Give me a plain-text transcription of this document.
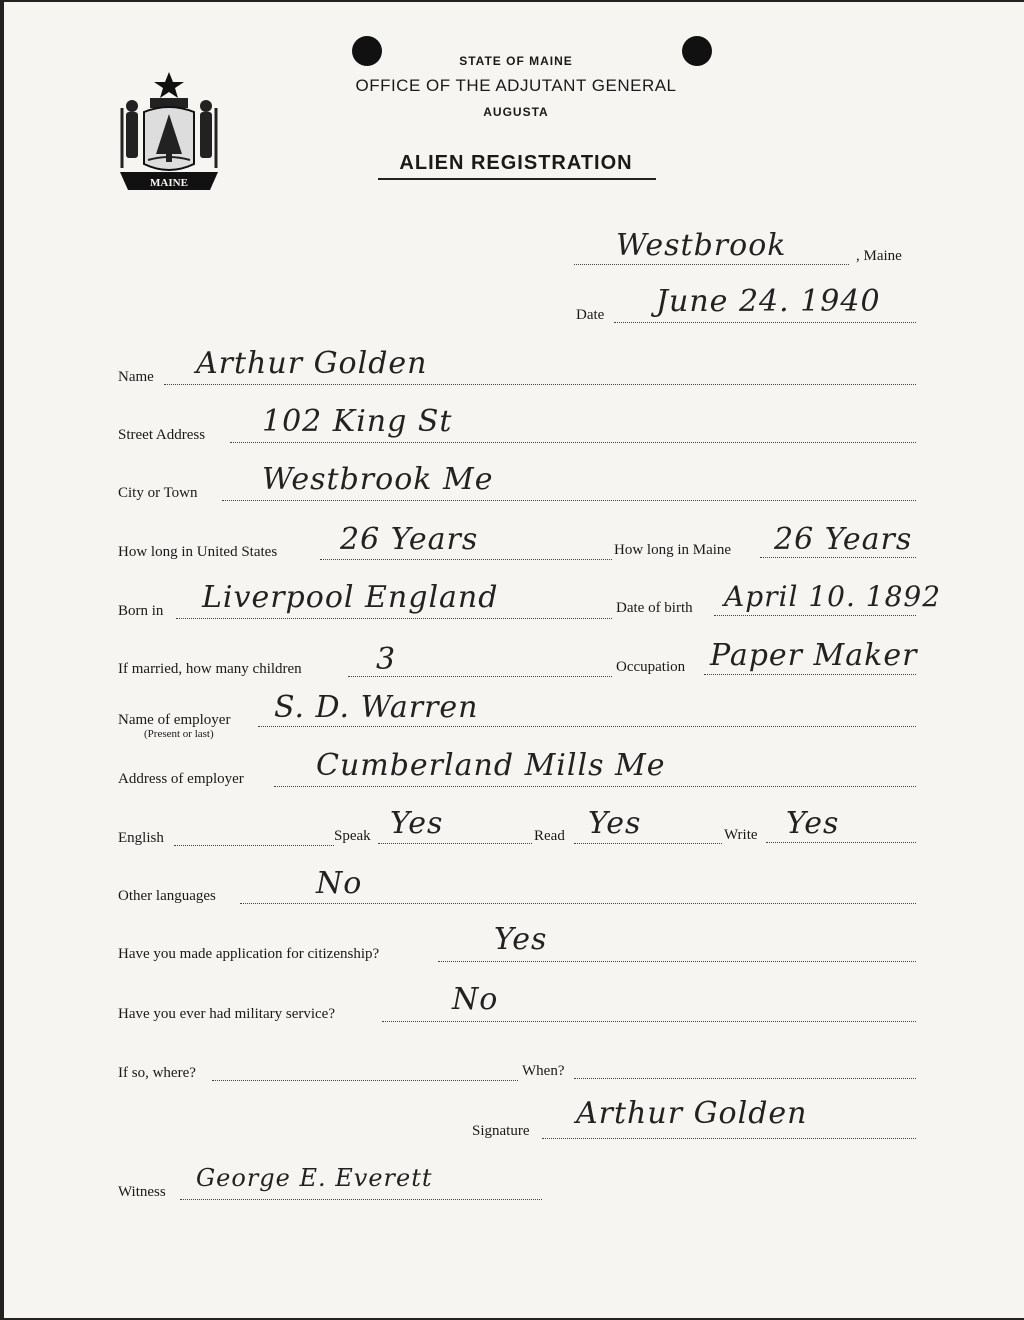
MAINE
STATE OF MAINE
OFFICE OF THE ADJUTANT GENERAL
AUGUSTA
ALIEN REGISTRATION
Westbrook	, Maine
Date June 24. 1940
Name Arthur Golden
Street Address 102 King St
City or Town Westbrook Me
How long in United States 26 Years	How long in Maine 26 Years
Born in Liverpool England	Date of birth April 10. 1892
If married, how many children 3	Occupation Paper Maker
Name of employer
(Present or last)
S. D. Warren
Address of employer Cumberland Mills Me
English	Speak Yes	Read Yes	Write Yes
Other languages	No
Have you made application for citizenship?	Yes
Have you ever had military service?	No
If so, where?	When?
Signature Arthur Golden
Witness George E. Everett
